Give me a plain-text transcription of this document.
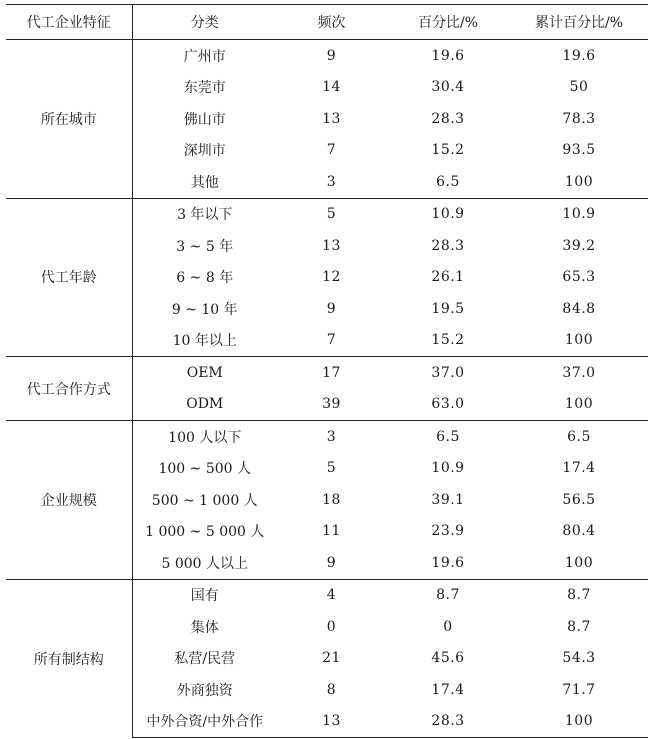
代工企业特征	分类	频次	百分比/%	累计百分比/%
所在城市	广州市	9	19.6	19.6
	东莞市	14	30.4	50
	佛山市	13	28.3	78.3
	深圳市	7	15.2	93.5
	其他	3	6.5	100
代工年龄	3 年以下	5	10.9	10.9
	3 ~ 5 年	13	28.3	39.2
	6 ~ 8 年	12	26.1	65.3
	9 ~ 10 年	9	19.5	84.8
	10 年以上	7	15.2	100
代工合作方式	OEM	17	37.0	37.0
	ODM	39	63.0	100
企业规模	100 人以下	3	6.5	6.5
	100 ~ 500 人	5	10.9	17.4
	500 ~ 1 000 人	18	39.1	56.5
	1 000 ~ 5 000 人	11	23.9	80.4
	5 000 人以上	9	19.6	100
所有制结构	国有	4	8.7	8.7
	集体	0	0	8.7
	私营/民营	21	45.6	54.3
	外商独资	8	17.4	71.7
	中外合资/中外合作	13	28.3	100
